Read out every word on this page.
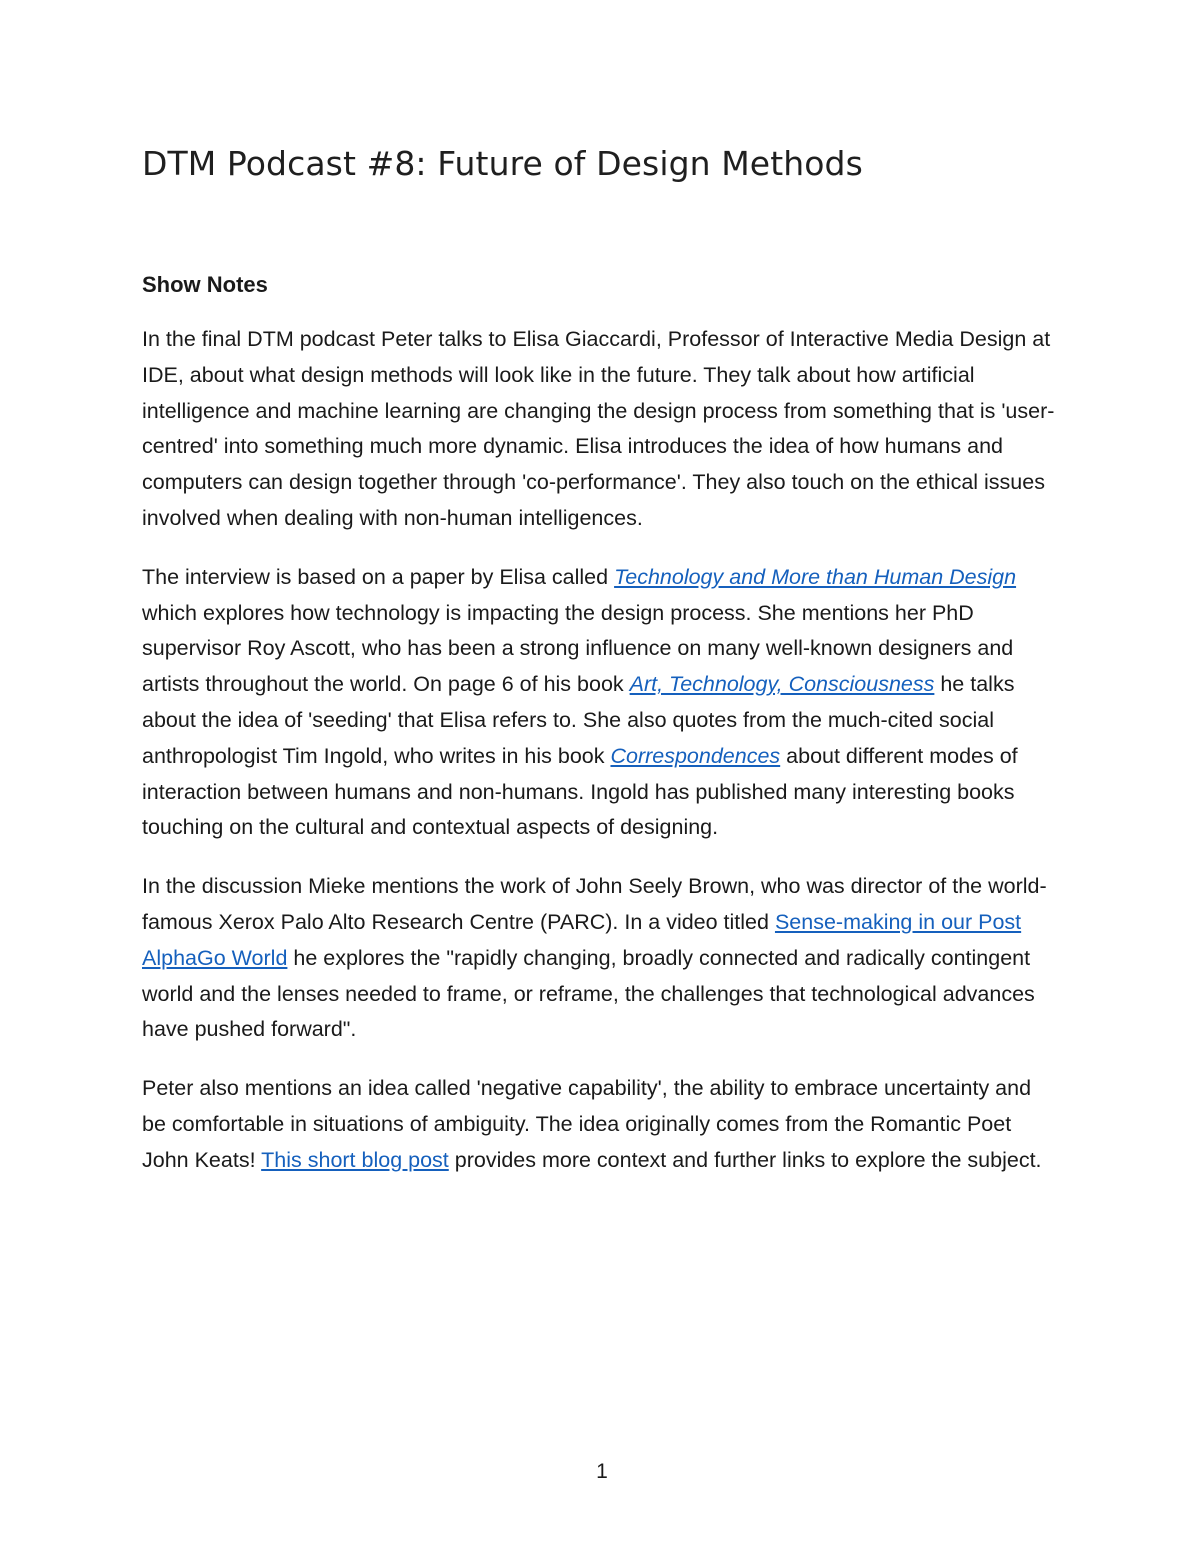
DTM Podcast #8: Future of Design Methods
Show Notes

In the final DTM podcast Peter talks to Elisa Giaccardi, Professor of Interactive Media Design at IDE, about what design methods will look like in the future. They talk about how artificial intelligence and machine learning are changing the design process from something that is 'user-centred' into something much more dynamic. Elisa introduces the idea of how humans and computers can design together through 'co-performance'. They also touch on the ethical issues involved when dealing with non-human intelligences.

The interview is based on a paper by Elisa called Technology and More than Human Design which explores how technology is impacting the design process. She mentions her PhD supervisor Roy Ascott, who has been a strong influence on many well-known designers and artists throughout the world. On page 6 of his book Art, Technology, Consciousness he talks about the idea of 'seeding' that Elisa refers to. She also quotes from the much-cited social anthropologist Tim Ingold, who writes in his book Correspondences about different modes of interaction between humans and non-humans. Ingold has published many interesting books touching on the cultural and contextual aspects of designing.

In the discussion Mieke mentions the work of John Seely Brown, who was director of the world-famous Xerox Palo Alto Research Centre (PARC). In a video titled Sense-making in our Post AlphaGo World he explores the "rapidly changing, broadly connected and radically contingent world and the lenses needed to frame, or reframe, the challenges that technological advances have pushed forward".

Peter also mentions an idea called 'negative capability', the ability to embrace uncertainty and be comfortable in situations of ambiguity. The idea originally comes from the Romantic Poet John Keats! This short blog post provides more context and further links to explore the subject.

1
